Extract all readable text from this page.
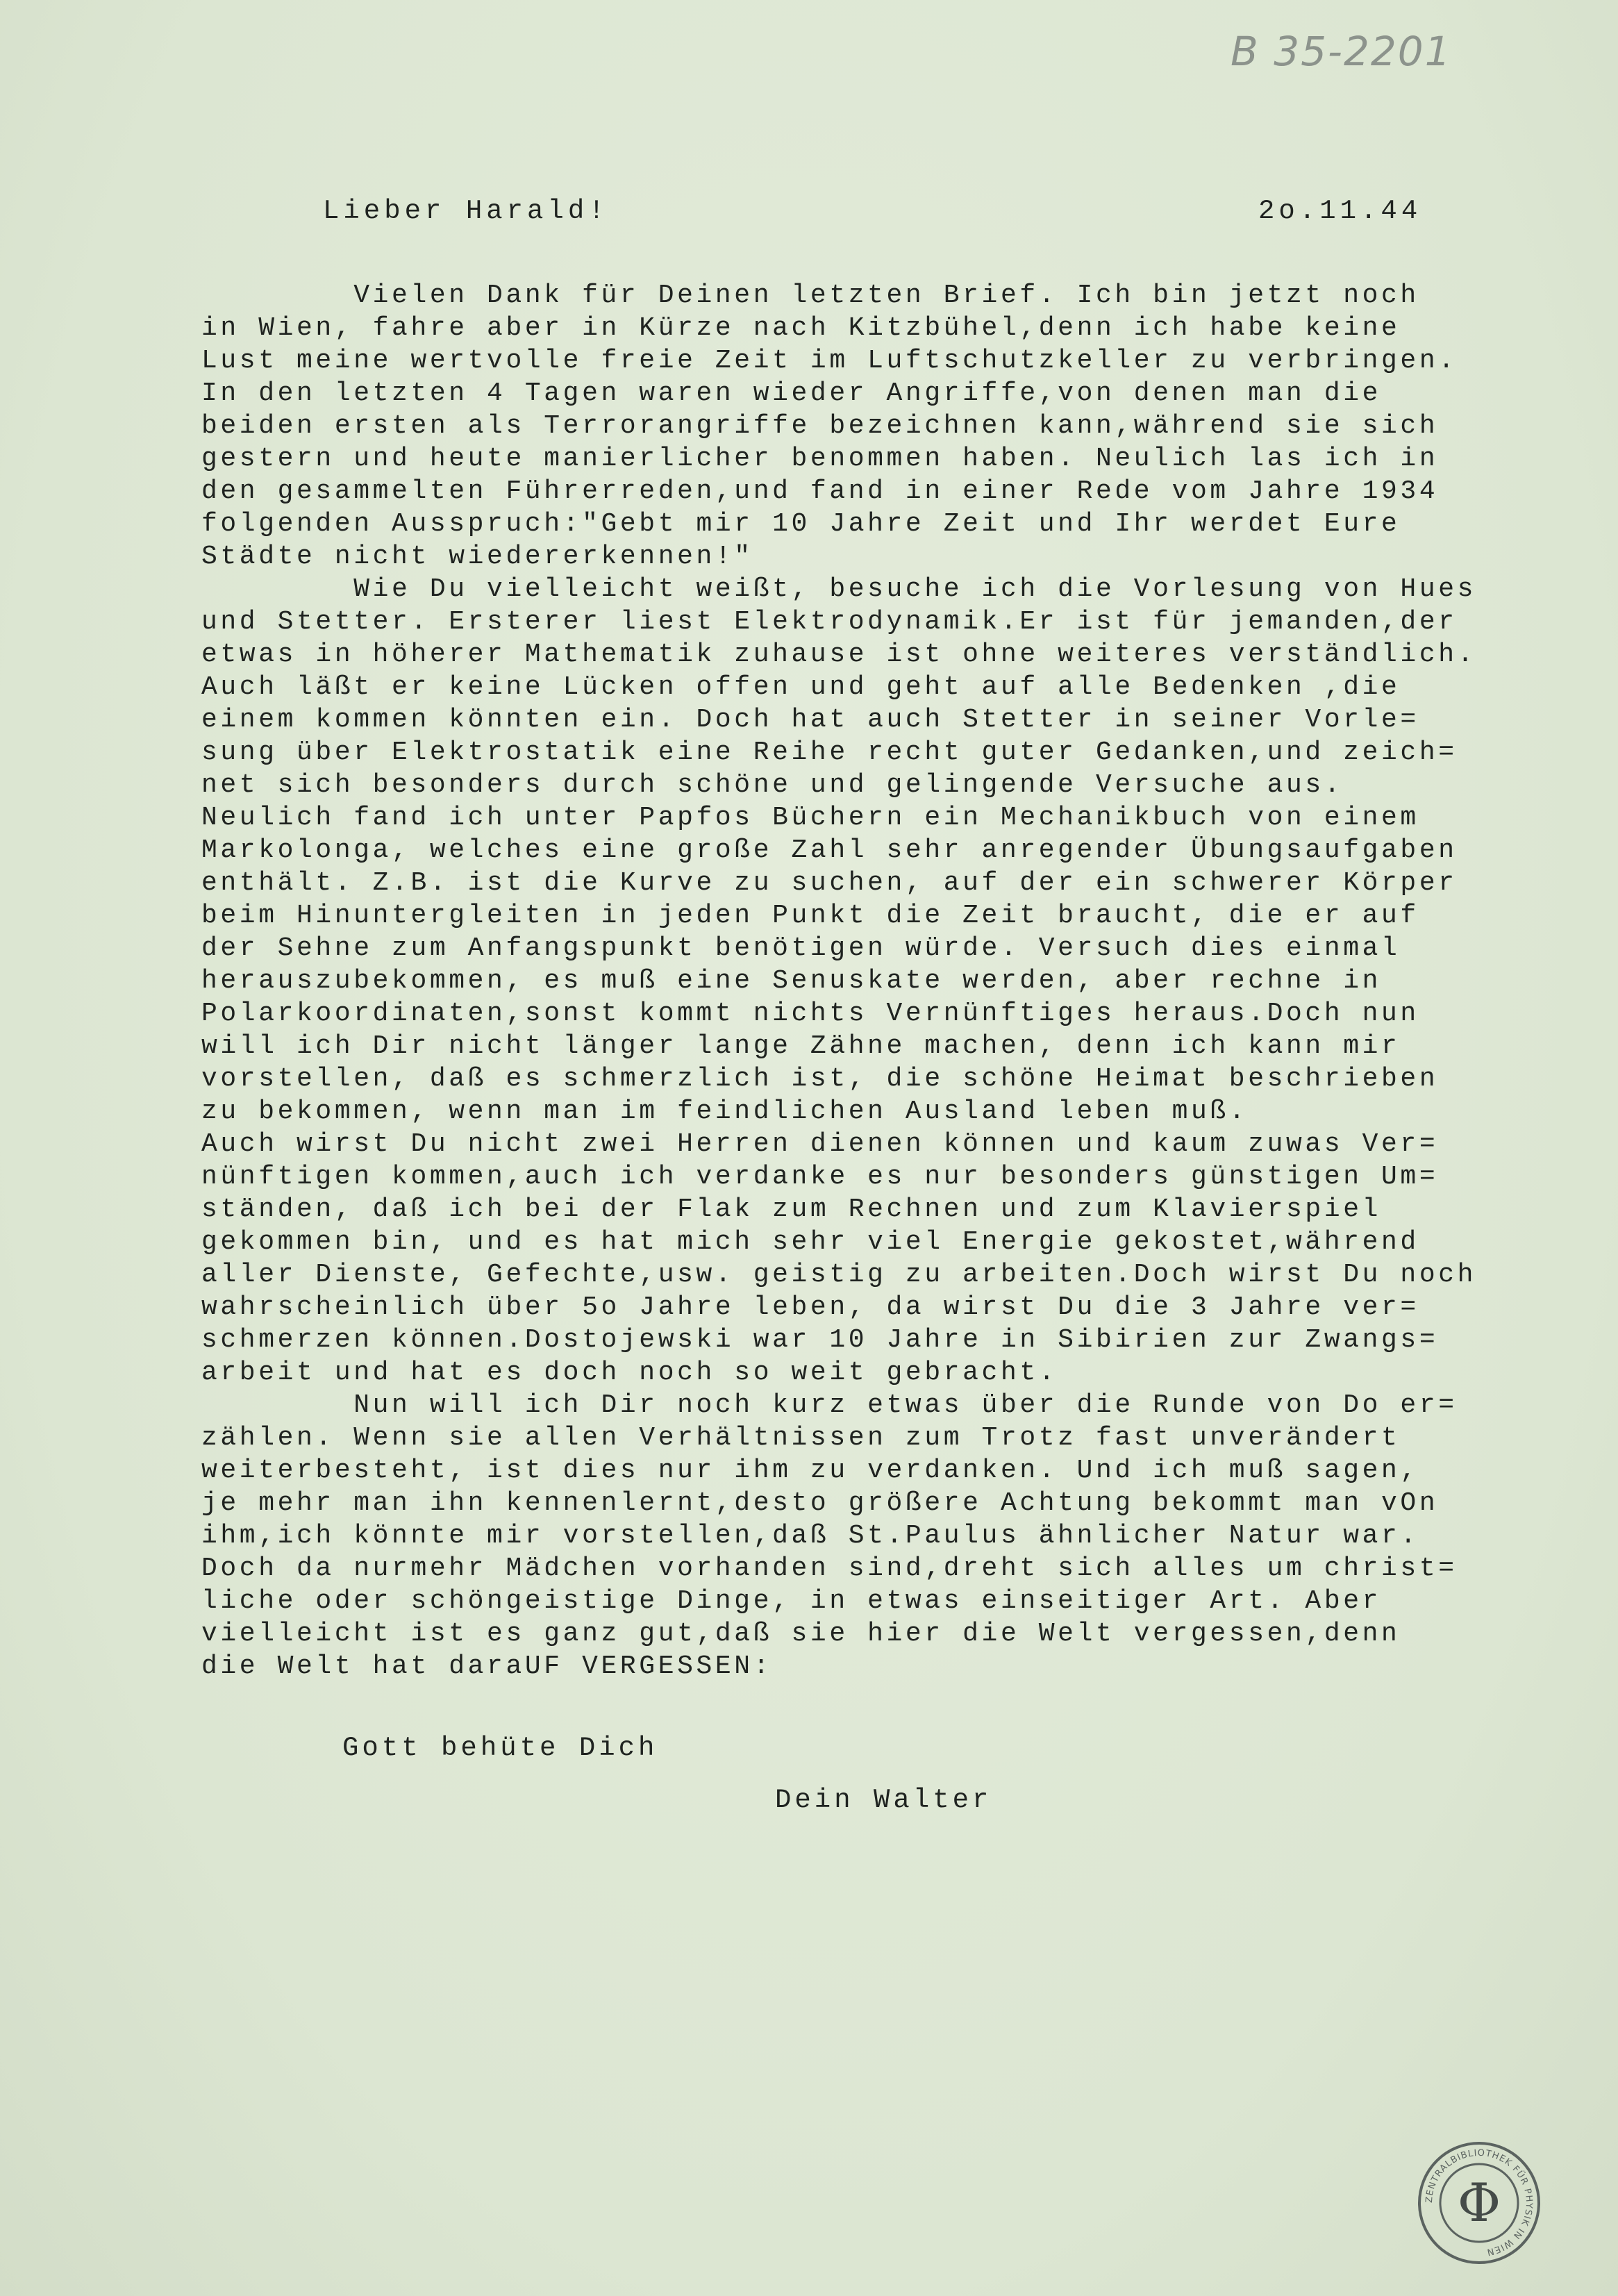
B 35-2201
Lieber Harald!	2o.11.44
Vielen Dank für Deinen letzten Brief. Ich bin jetzt noch
in Wien, fahre aber in Kürze nach Kitzbühel,denn ich habe keine
Lust meine wertvolle freie Zeit im Luftschutzkeller zu verbringen.
In den letzten 4 Tagen waren wieder Angriffe,von denen man die
beiden ersten als Terrorangriffe bezeichnen kann,während sie sich
gestern und heute manierlicher benommen haben. Neulich las ich in
den gesammelten Führerreden,und fand in einer Rede vom Jahre 1934
folgenden Ausspruch:"Gebt mir 10 Jahre Zeit und Ihr werdet Eure
Städte nicht wiedererkennen!"
Wie Du vielleicht weißt, besuche ich die Vorlesung von Hues
und Stetter. Ersterer liest Elektrodynamik.Er ist für jemanden,der
etwas in höherer Mathematik zuhause ist ohne weiteres verständlich.
Auch läßt er keine Lücken offen und geht auf alle Bedenken ,die
einem kommen könnten ein. Doch hat auch Stetter in seiner Vorle=
sung über Elektrostatik eine Reihe recht guter Gedanken,und zeich=
net sich besonders durch schöne und gelingende Versuche aus.
Neulich fand ich unter Papfos Büchern ein Mechanikbuch von einem
Markolonga, welches eine große Zahl sehr anregender Übungsaufgaben
enthält. Z.B. ist die Kurve zu suchen, auf der ein schwerer Körper
beim Hinuntergleiten in jeden Punkt die Zeit braucht, die er auf
der Sehne zum Anfangspunkt benötigen würde. Versuch dies einmal
herauszubekommen, es muß eine Senuskate werden, aber rechne in
Polarkoordinaten,sonst kommt nichts Vernünftiges heraus.Doch nun
will ich Dir nicht länger lange Zähne machen, denn ich kann mir
vorstellen, daß es schmerzlich ist, die schöne Heimat beschrieben
zu bekommen, wenn man im feindlichen Ausland leben muß.
Auch wirst Du nicht zwei Herren dienen können und kaum zuwas Ver=
nünftigen kommen,auch ich verdanke es nur besonders günstigen Um=
ständen, daß ich bei der Flak zum Rechnen und zum Klavierspiel
gekommen bin, und es hat mich sehr viel Energie gekostet,während
aller Dienste, Gefechte,usw. geistig zu arbeiten.Doch wirst Du noch
wahrscheinlich über 5o Jahre leben, da wirst Du die 3 Jahre ver=
schmerzen können.Dostojewski war 10 Jahre in Sibirien zur Zwangs=
arbeit und hat es doch noch so weit gebracht.
Nun will ich Dir noch kurz etwas über die Runde von Do er=
zählen. Wenn sie allen Verhältnissen zum Trotz fast unverändert
weiterbesteht, ist dies nur ihm zu verdanken. Und ich muß sagen,
je mehr man ihn kennenlernt,desto größere Achtung bekommt man vOn
ihm,ich könnte mir vorstellen,daß St.Paulus ähnlicher Natur war.
Doch da nurmehr Mädchen vorhanden sind,dreht sich alles um christ=
liche oder schöngeistige Dinge, in etwas einseitiger Art. Aber
vielleicht ist es ganz gut,daß sie hier die Welt vergessen,denn
die Welt hat daraUF VERGESSEN:
Gott behüte Dich
Dein Walter
ZENTRALBIBLIOTHEK FÜR PHYSIK IN WIEN
Φ
